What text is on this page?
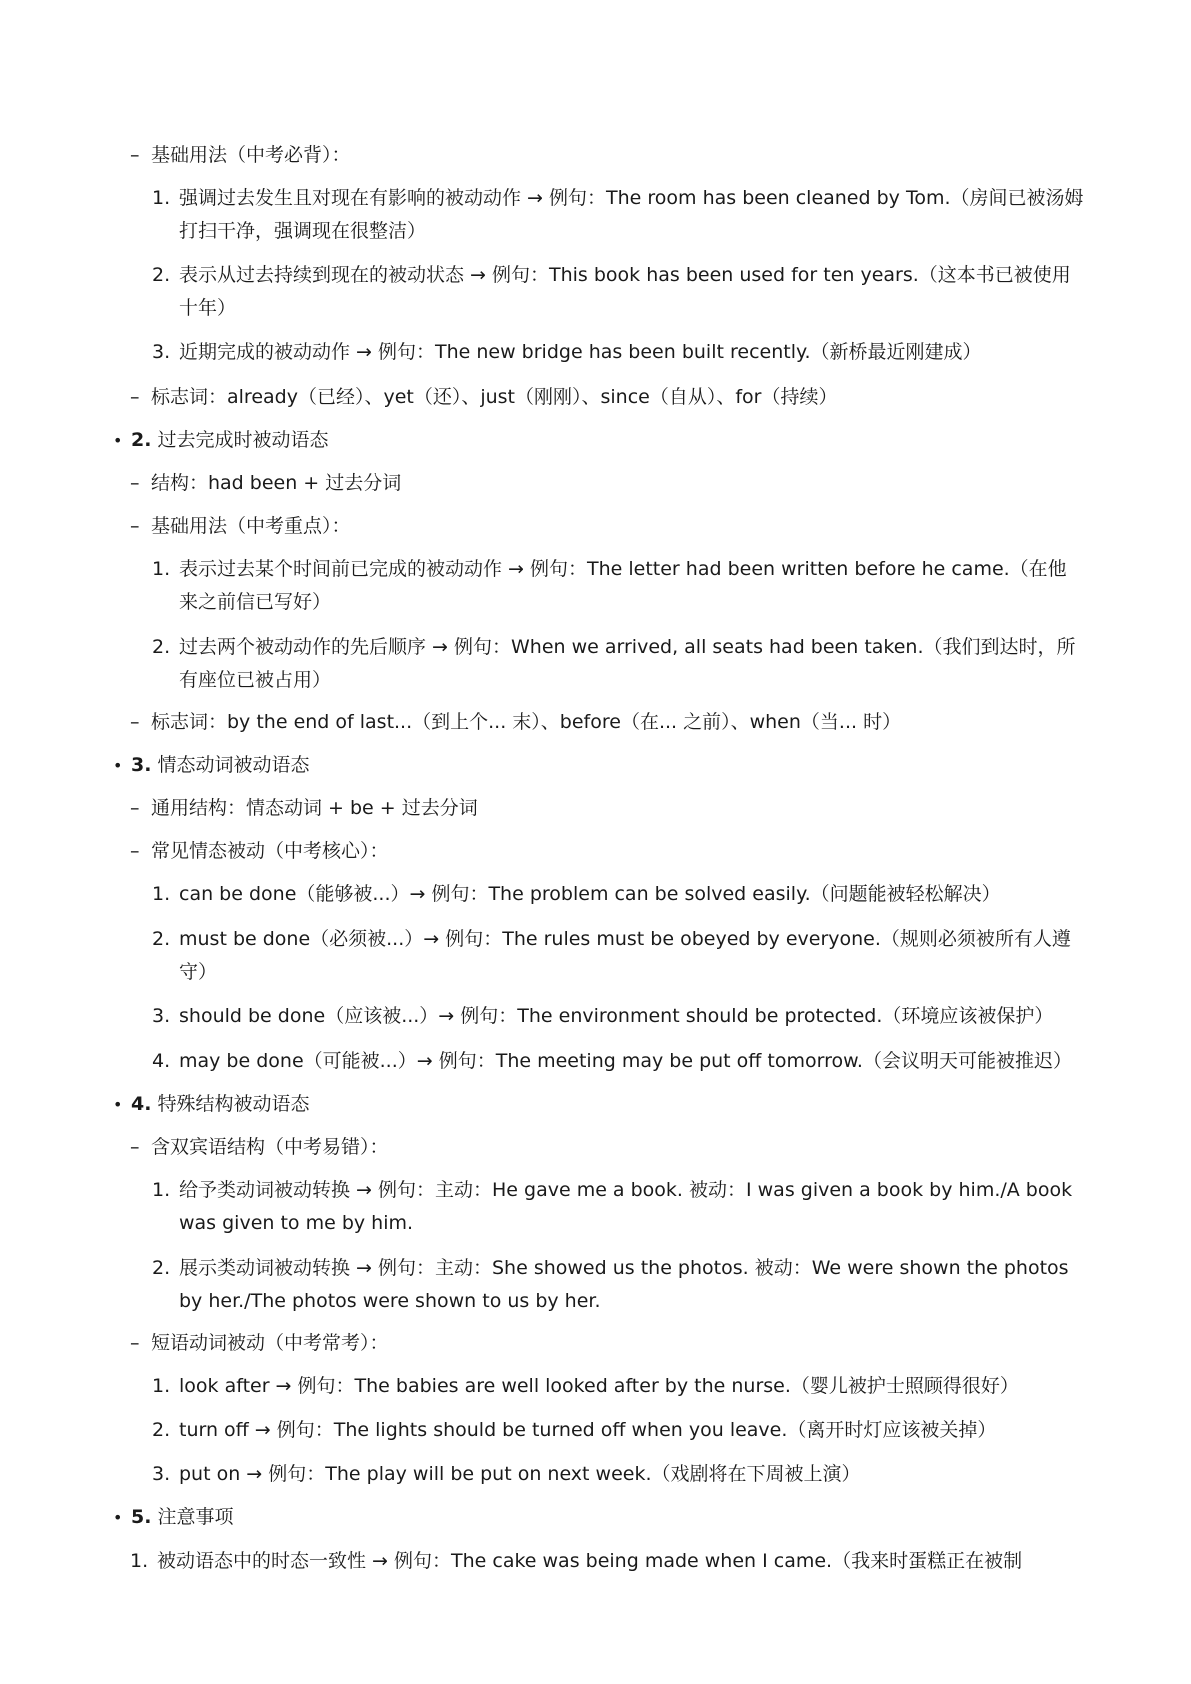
– 基础用法（中考必背）：
1. 强调过去发生且对现在有影响的被动动作 → 例句：The room has been cleaned by Tom.（房间已被汤姆打扫干净，强调现在很整洁）
2. 表示从过去持续到现在的被动状态 → 例句：This book has been used for ten years.（这本书已被使用十年）
3. 近期完成的被动动作 → 例句：The new bridge has been built recently.（新桥最近刚建成）
– 标志词：already（已经）、yet（还）、just（刚刚）、since（自从）、for（持续）
• 2. 过去完成时被动语态
– 结构：had been + 过去分词
– 基础用法（中考重点）：
1. 表示过去某个时间前已完成的被动动作 → 例句：The letter had been written before he came.（在他来之前信已写好）
2. 过去两个被动动作的先后顺序 → 例句：When we arrived, all seats had been taken.（我们到达时，所有座位已被占用）
– 标志词：by the end of last...（到上个... 末）、before（在... 之前）、when（当... 时）
• 3. 情态动词被动语态
– 通用结构：情态动词 + be + 过去分词
– 常见情态被动（中考核心）：
1. can be done（能够被...）→ 例句：The problem can be solved easily.（问题能被轻松解决）
2. must be done（必须被...）→ 例句：The rules must be obeyed by everyone.（规则必须被所有人遵守）
3. should be done（应该被...）→ 例句：The environment should be protected.（环境应该被保护）
4. may be done（可能被...）→ 例句：The meeting may be put off tomorrow.（会议明天可能被推迟）
• 4. 特殊结构被动语态
– 含双宾语结构（中考易错）：
1. 给予类动词被动转换 → 例句：主动：He gave me a book. 被动：I was given a book by him./A book was given to me by him.
2. 展示类动词被动转换 → 例句：主动：She showed us the photos. 被动：We were shown the photos by her./The photos were shown to us by her.
– 短语动词被动（中考常考）：
1. look after → 例句：The babies are well looked after by the nurse.（婴儿被护士照顾得很好）
2. turn off → 例句：The lights should be turned off when you leave.（离开时灯应该被关掉）
3. put on → 例句：The play will be put on next week.（戏剧将在下周被上演）
• 5. 注意事项
1. 被动语态中的时态一致性 → 例句：The cake was being made when I came.（我来时蛋糕正在被制
